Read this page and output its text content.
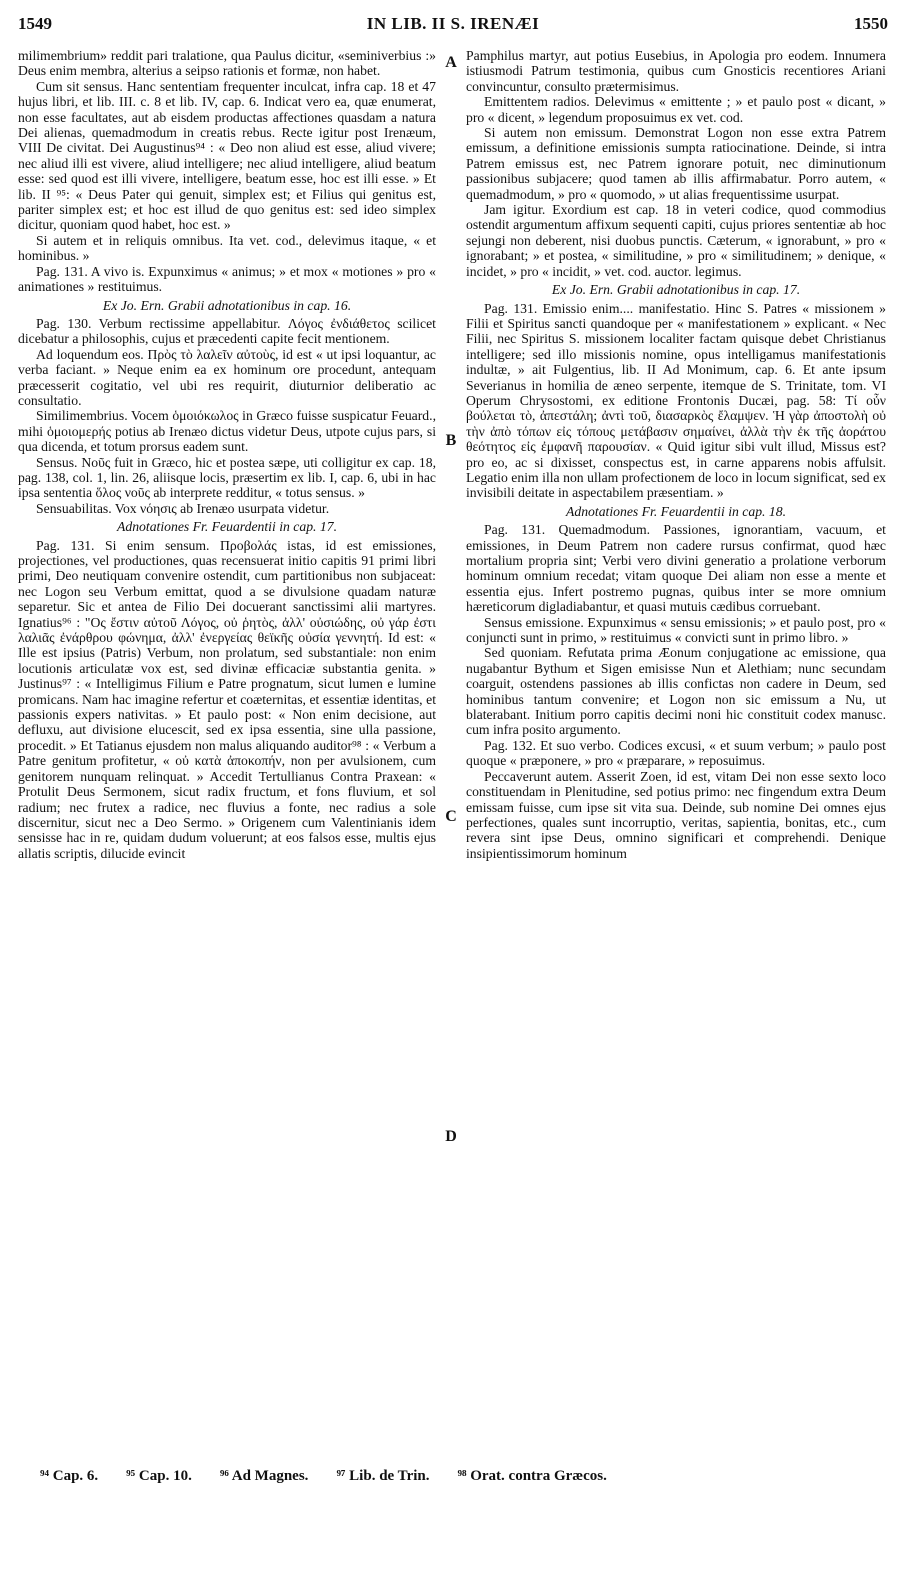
1549	IN LIB. II S. IRENÆI	1550

milimembrium» reddit pari tralatione, qua Paulus dicitur, «seminiverbius :» Deus enim membra, alterius a seipso rationis et formæ, non habet.

Cum sit sensus. Hanc sententiam frequenter inculcat, infra cap. 18 et 47 hujus libri, et lib. III. c. 8 et lib. IV, cap. 6. Indicat vero ea, quæ enumerat, non esse facultates, aut ab eisdem productas affectiones quasdam a natura Dei alienas, quemadmodum in creatis rebus. Recte igitur post Irenæum, VIII De civitat. Dei Augustinus⁹⁴ : « Deo non aliud est esse, aliud vivere; nec aliud illi est vivere, aliud intelligere; nec aliud intelligere, aliud beatum esse: sed quod est illi vivere, intelligere, beatum esse, hoc est illi esse. » Et lib. II ⁹⁵: « Deus Pater qui genuit, simplex est; et Filius qui genitus est, pariter simplex est; et hoc est illud de quo genitus est: sed ideo simplex dicitur, quoniam quod habet, hoc est. »

Si autem et in reliquis omnibus. Ita vet. cod., delevimus itaque, « et hominibus. »

Pag. 131. A vivo is. Expunximus « animus; » et mox « motiones » pro « animationes » restituimus.

Ex Jo. Ern. Grabii adnotationibus in cap. 16.

Pag. 130. Verbum rectissime appellabitur. Λόγος ἐνδιάθετος scilicet dicebatur a philosophis, cujus et præcedenti capite fecit mentionem.

Ad loquendum eos. Πρὸς τὸ λαλεῖν αὐτοὺς, id est « ut ipsi loquantur, ac verba faciant. » Neque enim ea ex hominum ore procedunt, antequam præcesserit cogitatio, vel ubi res requirit, diuturnior deliberatio ac consultatio.

Similimembrius. Vocem ὁμοιόκωλος in Græco fuisse suspicatur Feuard., mihi ὁμοιομερής potius ab Irenæo dictus videtur Deus, utpote cujus pars, si qua dicenda, et totum prorsus eadem sunt.

Sensus. Νοῦς fuit in Græco, hic et postea sæpe, uti colligitur ex cap. 18, pag. 138, col. 1, lin. 26, aliisque locis, præsertim ex lib. I, cap. 6, ubi in hac ipsa sententia ὅλος νοῦς ab interprete redditur, « totus sensus. »

Sensuabilitas. Vox νόησις ab Irenæo usurpata videtur.

Adnotationes Fr. Feuardentii in cap. 17.

Pag. 131. Si enim sensum. Προβολάς istas, id est emissiones, projectiones, vel productiones, quas recensuerat initio capitis 91 primi libri primi, Deo neutiquam convenire ostendit, cum partitionibus non subjaceat: nec Logon seu Verbum emittat, quod a se divulsione quadam naturæ separetur. Sic et antea de Filio Dei docuerant sanctissimi alii martyres. Ignatius⁹⁶ : "Ος ἔστιν αὐτοῦ Λόγος, οὐ ῥητὸς, ἀλλ' οὐσιώδης, οὐ γάρ ἐστι λαλιᾶς ἐνάρθρου φώνημα, ἀλλ' ἐνεργείας θεϊκῆς οὐσία γεννητή. Id est: « Ille est ipsius (Patris) Verbum, non prolatum, sed substantiale: non enim locutionis articulatæ vox est, sed divinæ efficaciæ substantia genita. » Justinus⁹⁷ : « Intelligimus Filium e Patre prognatum, sicut lumen e lumine promicans. Nam hac imagine refertur et coæternitas, et essentiæ identitas, et passionis expers nativitas. » Et paulo post: « Non enim decisione, aut defluxu, aut divisione elucescit, sed ex ipsa essentia, sine ulla passione, procedit. » Et Tatianus ejusdem non malus aliquando auditor⁹⁸ : « Verbum a Patre genitum profitetur, « οὐ κατὰ ἀποκοπήν, non per avulsionem, cum genitorem nunquam relinquat. » Accedit Tertullianus Contra Praxean: « Protulit Deus Sermonem, sicut radix fructum, et fons fluvium, et sol radium; nec frutex a radice, nec fluvius a fonte, nec radius a sole discernitur, sicut nec a Deo Sermo. » Origenem cum Valentinianis idem sensisse hac in re, quidam dudum voluerunt; at eos falsos esse, multis ejus allatis scriptis, dilucide evincit

Pamphilus martyr, aut potius Eusebius, in Apologia pro eodem. Innumera istiusmodi Patrum testimonia, quibus cum Gnosticis recentiores Ariani convincuntur, consulto prætermisimus.

Emittentem radios. Delevimus « emittente ; » et paulo post « dicant, » pro « dicent, » legendum proposuimus ex vet. cod.

Si autem non emissum. Demonstrat Logon non esse extra Patrem emissum, a definitione emissionis sumpta ratiocinatione. Deinde, si intra Patrem emissus est, nec Patrem ignorare potuit, nec diminutionum passionibus subjacere; quod tamen ab illis affirmabatur. Porro autem, « quemadmodum, » pro « quomodo, » ut alias frequentissime usurpat.

Jam igitur. Exordium est cap. 18 in veteri codice, quod commodius ostendit argumentum affixum sequenti capiti, cujus priores sententiæ ab hoc sejungi non deberent, nisi duobus punctis. Cæterum, « ignorabunt, » pro « ignorabant; » et postea, « similitudine, » pro « similitudinem; » denique, « incidet, » pro « incidit, » vet. cod. auctor. legimus.

Ex Jo. Ern. Grabii adnotationibus in cap. 17.

Pag. 131. Emissio enim.... manifestatio. Hinc S. Patres « missionem » Filii et Spiritus sancti quandoque per « manifestationem » explicant. « Nec Filii, nec Spiritus S. missionem localiter factam quisque debet Christianus intelligere; sed illo missionis nomine, opus intelligamus manifestationis indultæ, » ait Fulgentius, lib. II Ad Monimum, cap. 6. Et ante ipsum Severianus in homilia de æneo serpente, itemque de S. Trinitate, tom. VI Operum Chrysostomi, ex editione Frontonis Ducæi, pag. 58: Τί οὖν βούλεται τὸ, ἀπεστάλη; ἀντὶ τοῦ, διασαρκὸς ἔλαμψεν. Ἡ γὰρ ἀποστολὴ οὐ τὴν ἀπὸ τόπων εἰς τόπους μετάβασιν σημαίνει, ἀλλὰ τὴν ἐκ τῆς ἀοράτου θεότητος εἰς ἐμφανῆ παρουσίαν. « Quid igitur sibi vult illud, Missus est? pro eo, ac si dixisset, conspectus est, in carne apparens nobis affulsit. Legatio enim illa non ullam profectionem de loco in locum significat, sed ex invisibili deitate in aspectabilem præsentiam. »

Adnotationes Fr. Feuardentii in cap. 18.

Pag. 131. Quemadmodum. Passiones, ignorantiam, vacuum, et emissiones, in Deum Patrem non cadere rursus confirmat, quod hæc mortalium propria sint; Verbi vero divini generatio a prolatione verborum hominum omnium recedat; vitam quoque Dei aliam non esse a mente et essentia ejus. Infert postremo pugnas, quibus inter se more omnium hæreticorum digladiabantur, et quasi mutuis cædibus corruebant.

Sensus emissione. Expunximus « sensu emissionis; » et paulo post, pro « conjuncti sunt in primo, » restituimus « convicti sunt in primo libro. »

Sed quoniam. Refutata prima Æonum conjugatione ac emissione, qua nugabantur Bythum et Sigen emisisse Nun et Alethiam; nunc secundam coarguit, ostendens passiones ab illis confictas non cadere in Deum, sed hominibus tantum convenire; et Logon non sic emissum a Nu, ut blaterabant. Initium porro capitis decimi noni hic constituit codex manusc. cum infra posito argumento.

Pag. 132. Et suo verbo. Codices excusi, « et suum verbum; » paulo post quoque « præponere, » pro « præparare, » reposuimus.

Peccaverunt autem. Asserit Zoen, id est, vitam Dei non esse sexto loco constituendam in Plenitudine, sed potius primo: nec fingendum extra Deum emissam fuisse, cum ipse sit vita sua. Deinde, sub nomine Dei omnes ejus perfectiones, quales sunt incorruptio, veritas, sapientia, bonitas, etc., cum revera sint ipse Deus, omnino significari et comprehendi. Denique insipientissimorum hominum

A
B
C
D
⁹⁴ Cap. 6. ⁹⁵ Cap. 10. ⁹⁶ Ad Magnes. ⁹⁷ Lib. de Trin. ⁹⁸ Orat. contra Græcos.
